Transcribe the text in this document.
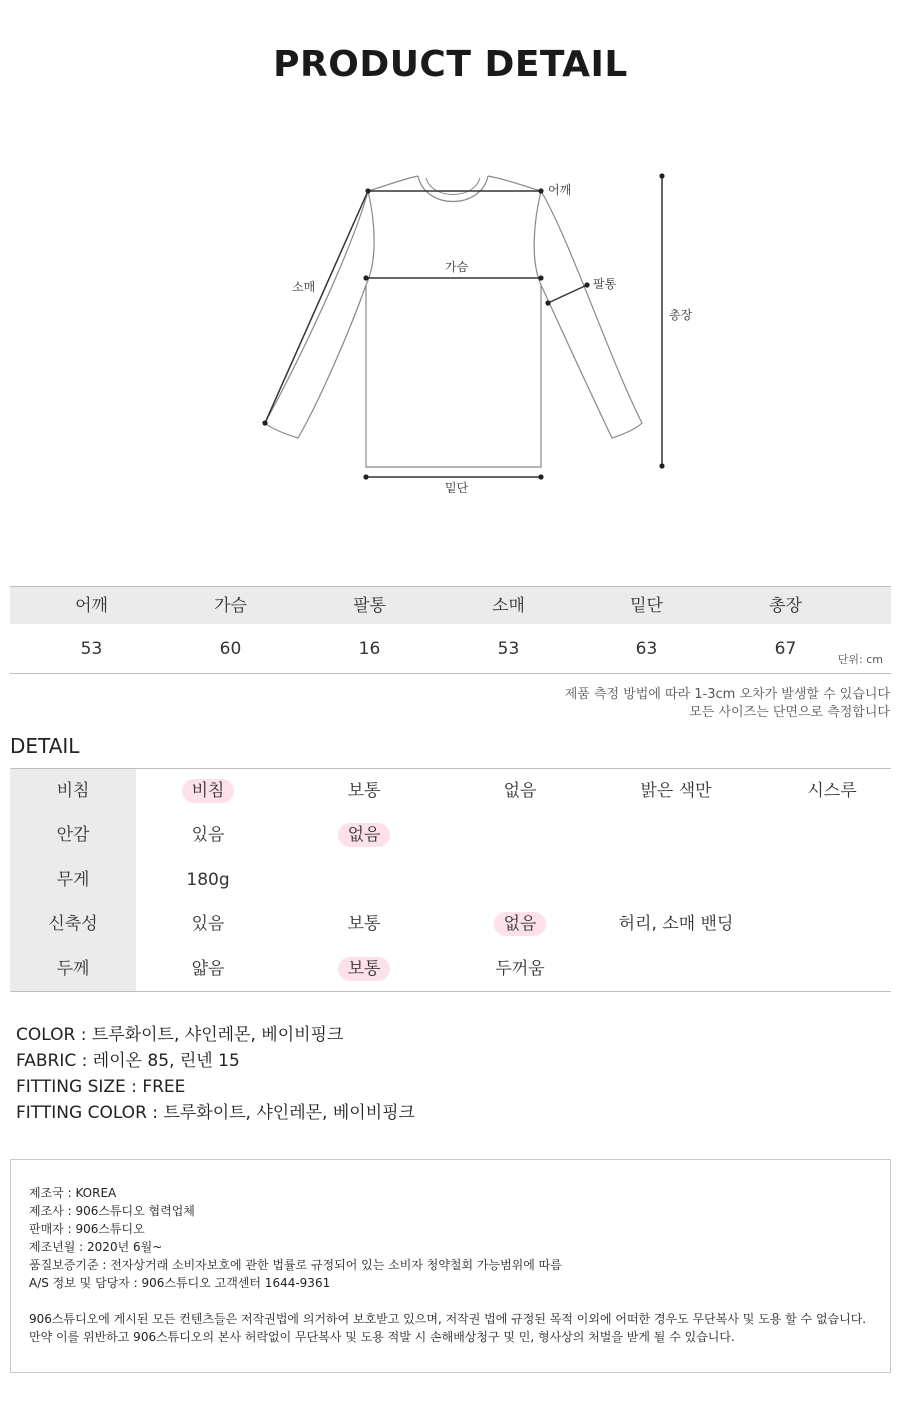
PRODUCT DETAIL
어깨
가슴
팔통
소매
밑단
총장
어깨	가슴	팔통	소매	밑단	총장
53	60	16	53	63	67
단위: cm
제품 측정 방법에 따라 1-3cm 오차가 발생할 수 있습니다
모든 사이즈는 단면으로 측정합니다
DETAIL
비침	비침	보통	없음	밝은 색만	시스루
안감	있음	없음
무게	180g
신축성	있음	보통	없음	허리, 소매 밴딩
두께	얇음	보통	두꺼움
COLOR : 트루화이트, 샤인레몬, 베이비핑크
FABRIC : 레이온 85, 린넨 15
FITTING SIZE : FREE
FITTING COLOR : 트루화이트, 샤인레몬, 베이비핑크
제조국 : KOREA
제조사 : 906스튜디오 협력업체
판매자 : 906스튜디오
제조년월 : 2020년 6월~
품질보증기준 : 전자상거래 소비자보호에 관한 법률로 규정되어 있는 소비자 청약철회 가능범위에 따름
A/S 정보 및 담당자 : 906스튜디오 고객센터 1644-9361
906스튜디오에 게시된 모든 컨텐츠들은 저작권법에 의거하여 보호받고 있으며, 저작권 법에 규정된 목적 이외에 어떠한 경우도 무단복사 및 도용 할 수 없습니다.
만약 이를 위반하고 906스튜디오의 본사 허락없이 무단복사 및 도용 적발 시 손해배상청구 및 민, 형사상의 처벌을 받게 될 수 있습니다.
